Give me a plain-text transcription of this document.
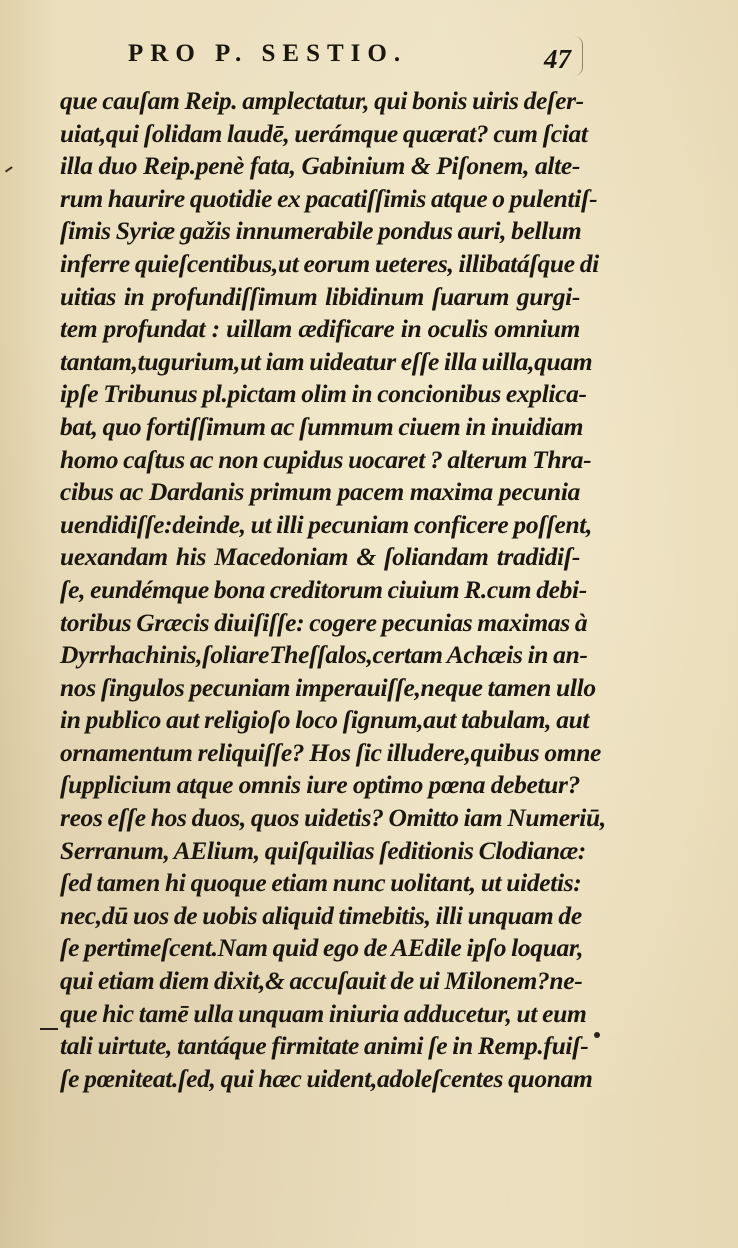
PRO P. SESTIO.	47
que cauſam Reip. amplectatur, qui bonis uiris deſer-
uiat,qui ſolidam laudē, uerámque quærat? cum ſciat
illa duo Reip.penè fata, Gabinium & Piſonem, alte-
rum haurire quotidie ex pacatiſſimis atque o pulentiſ-
ſimis Syriæ gažis innumerabile pondus auri, bellum
inferre quieſcentibus,ut eorum ueteres, illibatáſque di
uitias in profundiſſimum libidinum ſuarum gurgi-
tem profundat : uillam ædificare in oculis omnium
tantam,tugurium,ut iam uideatur eſſe illa uilla,quam
ipſe Tribunus pl.pictam olim in concionibus explica-
bat, quo fortiſſimum ac ſummum ciuem in inuidiam
homo caſtus ac non cupidus uocaret ? alterum Thra-
cibus ac Dardanis primum pacem maxima pecunia
uendidiſſe:deinde, ut illi pecuniam conficere poſſent,
uexandam his Macedoniam & ſoliandam tradidiſ-
ſe, eundémque bona creditorum ciuium R.cum debi-
toribus Græcis diuiſiſſe: cogere pecunias maximas à
Dyrrhachinis,ſoliareTheſſalos,certam Achæis in an-
nos ſingulos pecuniam imperauiſſe,neque tamen ullo
in publico aut religioſo loco ſignum,aut tabulam, aut
ornamentum reliquiſſe? Hos ſic illudere,quibus omne
ſupplicium atque omnis iure optimo pœna debetur?
reos eſſe hos duos, quos uidetis? Omitto iam Numeriū,
Serranum, AElium, quiſquilias ſeditionis Clodianæ:
ſed tamen hi quoque etiam nunc uolitant, ut uidetis:
nec,dū uos de uobis aliquid timebitis, illi unquam de
ſe pertimeſcent.Nam quid ego de AEdile ipſo loquar,
qui etiam diem dixit,& accuſauit de ui Milonem?ne-
que hic tamē ulla unquam iniuria adducetur, ut eum
tali uirtute, tantáque firmitate animi ſe in Remp.fuiſ-
ſe pœniteat.ſed, qui hæc uident,adoleſcentes quonam
